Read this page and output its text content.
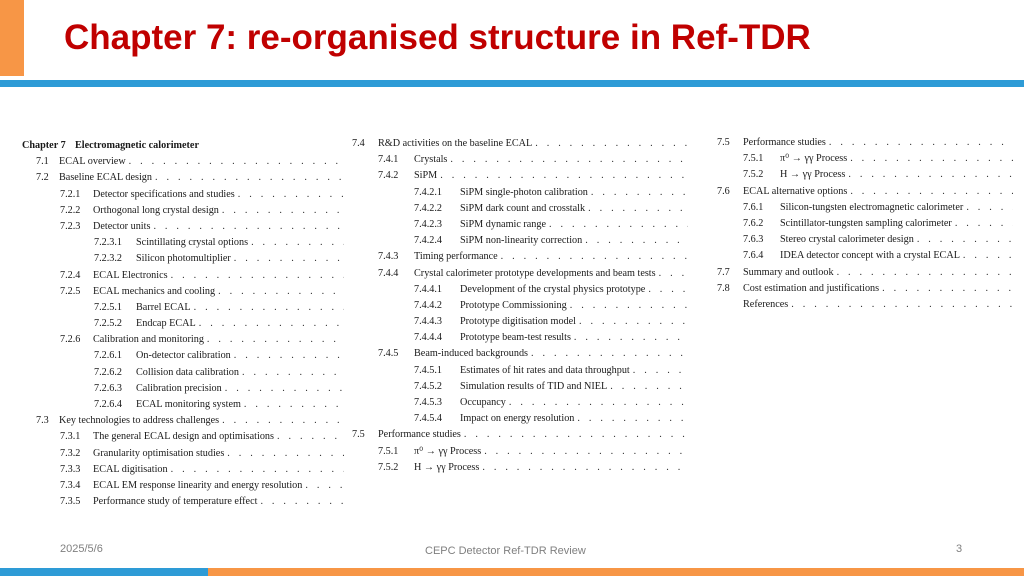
Chapter 7: re-organised structure in Ref-TDR
Chapter 7 Electromagnetic calorimeter
7.1	ECAL overview
. . .
7.2	Baseline ECAL design
. . .
7.2.1	Detector specifications and studies
. . .
7.2.2	Orthogonal long crystal design
. . .
7.2.3	Detector units
. . .
7.2.3.1	Scintillating crystal options
. . .
7.2.3.2	Silicon photomultiplier
. . .
7.2.4	ECAL Electronics
. . .
7.2.5	ECAL mechanics and cooling
. . .
7.2.5.1	Barrel ECAL
. . .
7.2.5.2	Endcap ECAL
. . .
7.2.6	Calibration and monitoring
. . .
7.2.6.1	On-detector calibration
. . .
7.2.6.2	Collision data calibration
. . .
7.2.6.3	Calibration precision
. . .
7.2.6.4	ECAL monitoring system
. . .
7.3	Key technologies to address challenges
. . .
7.3.1	The general ECAL design and optimisations
. . .
7.3.2	Granularity optimisation studies
. . .
7.3.3	ECAL digitisation
. . .
7.3.4	ECAL EM response linearity and energy resolution
. . .
7.3.5	Performance study of temperature effect
. . .
7.4	R&D activities on the baseline ECAL
. . .
7.4.1	Crystals
. . .
7.4.2	SiPM
. . .
7.4.2.1	SiPM single-photon calibration
. . .
7.4.2.2	SiPM dark count and crosstalk
. . .
7.4.2.3	SiPM dynamic range
. . .
7.4.2.4	SiPM non-linearity correction
. . .
7.4.3	Timing performance
. . .
7.4.4	Crystal calorimeter prototype developments and beam tests
. . .
7.4.4.1	Development of the crystal physics prototype
. . .
7.4.4.2	Prototype Commissioning
. . .
7.4.4.3	Prototype digitisation model
. . .
7.4.4.4	Prototype beam-test results
. . .
7.4.5	Beam-induced backgrounds
. . .
7.4.5.1	Estimates of hit rates and data throughput
. . .
7.4.5.2	Simulation results of TID and NIEL
. . .
7.4.5.3	Occupancy
. . .
7.4.5.4	Impact on energy resolution
. . .
7.5	Performance studies
. . .
7.5.1	π⁰ → γγ Process
. . .
7.5.2	H → γγ Process
. . .
7.5	Performance studies
. . .
7.5.1	π⁰ → γγ Process
. . .
7.5.2	H → γγ Process
. . .
7.6	ECAL alternative options
. . .
7.6.1	Silicon-tungsten electromagnetic calorimeter
. . .
7.6.2	Scintillator-tungsten sampling calorimeter
. . .
7.6.3	Stereo crystal calorimeter design
. . .
7.6.4	IDEA detector concept with a crystal ECAL
. . .
7.7	Summary and outlook
. . .
7.8	Cost estimation and justifications
. . .
References
. . .
2025/5/6	CEPC Detector Ref-TDR Review	3
